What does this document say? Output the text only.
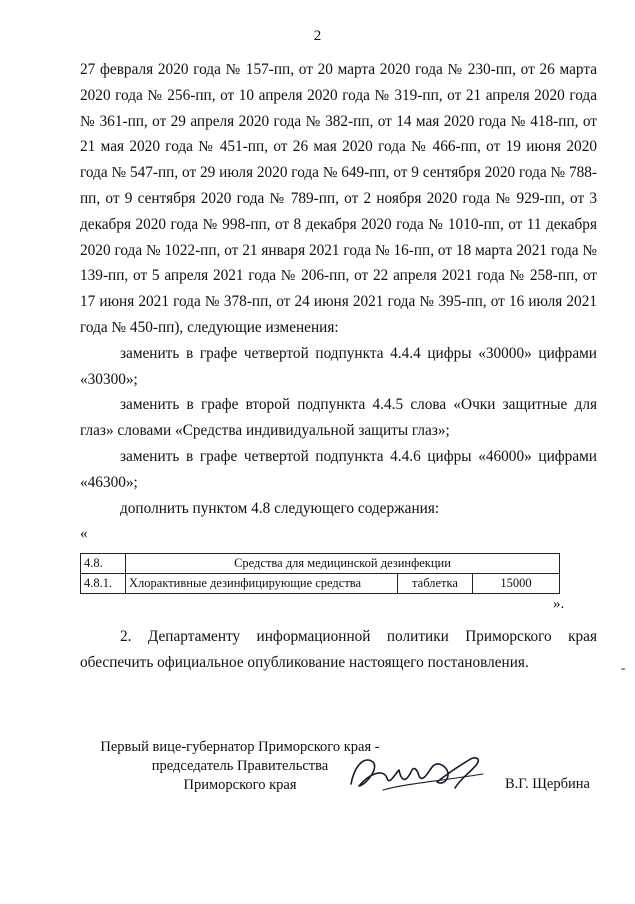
2

27 февраля 2020 года № 157-пп, от 20 марта 2020 года № 230-пп, от 26 марта 2020 года № 256-пп, от 10 апреля 2020 года № 319-пп, от 21 апреля 2020 года № 361-пп, от 29 апреля 2020 года № 382-пп, от 14 мая 2020 года № 418-пп, от 21 мая 2020 года № 451-пп, от 26 мая 2020 года № 466-пп, от 19 июня 2020 года № 547-пп, от 29 июля 2020 года № 649-пп, от 9 сентября 2020 года № 788-пп, от 9 сентября 2020 года № 789-пп, от 2 ноября 2020 года № 929-пп, от 3 декабря 2020 года № 998-пп, от 8 декабря 2020 года № 1010-пп, от 11 декабря 2020 года № 1022-пп, от 21 января 2021 года № 16-пп, от 18 марта 2021 года № 139-пп, от 5 апреля 2021 года № 206-пп, от 22 апреля 2021 года № 258-пп, от 17 июня 2021 года № 378-пп, от 24 июня 2021 года № 395-пп, от 16 июля 2021 года № 450-пп), следующие изменения:

заменить в графе четвертой подпункта 4.4.4 цифры «30000» цифрами «30300»;

заменить в графе второй подпункта 4.4.5 слова «Очки защитные для глаз» словами «Средства индивидуальной защиты глаз»;

заменить в графе четвертой подпункта 4.4.6 цифры «46000» цифрами «46300»;

дополнить пунктом 4.8 следующего содержания:

«

4.8.	Средства для медицинской дезинфекции		
4.8.1.	Хлорактивные дезинфицирующие средства	таблетка	15000
».

2. Департаменту информационной политики Приморского края обеспечить официальное опубликование настоящего постановления.

Первый вице-губернатор Приморского края -
председатель Правительства
Приморского края	В.Г. Щербина
-
